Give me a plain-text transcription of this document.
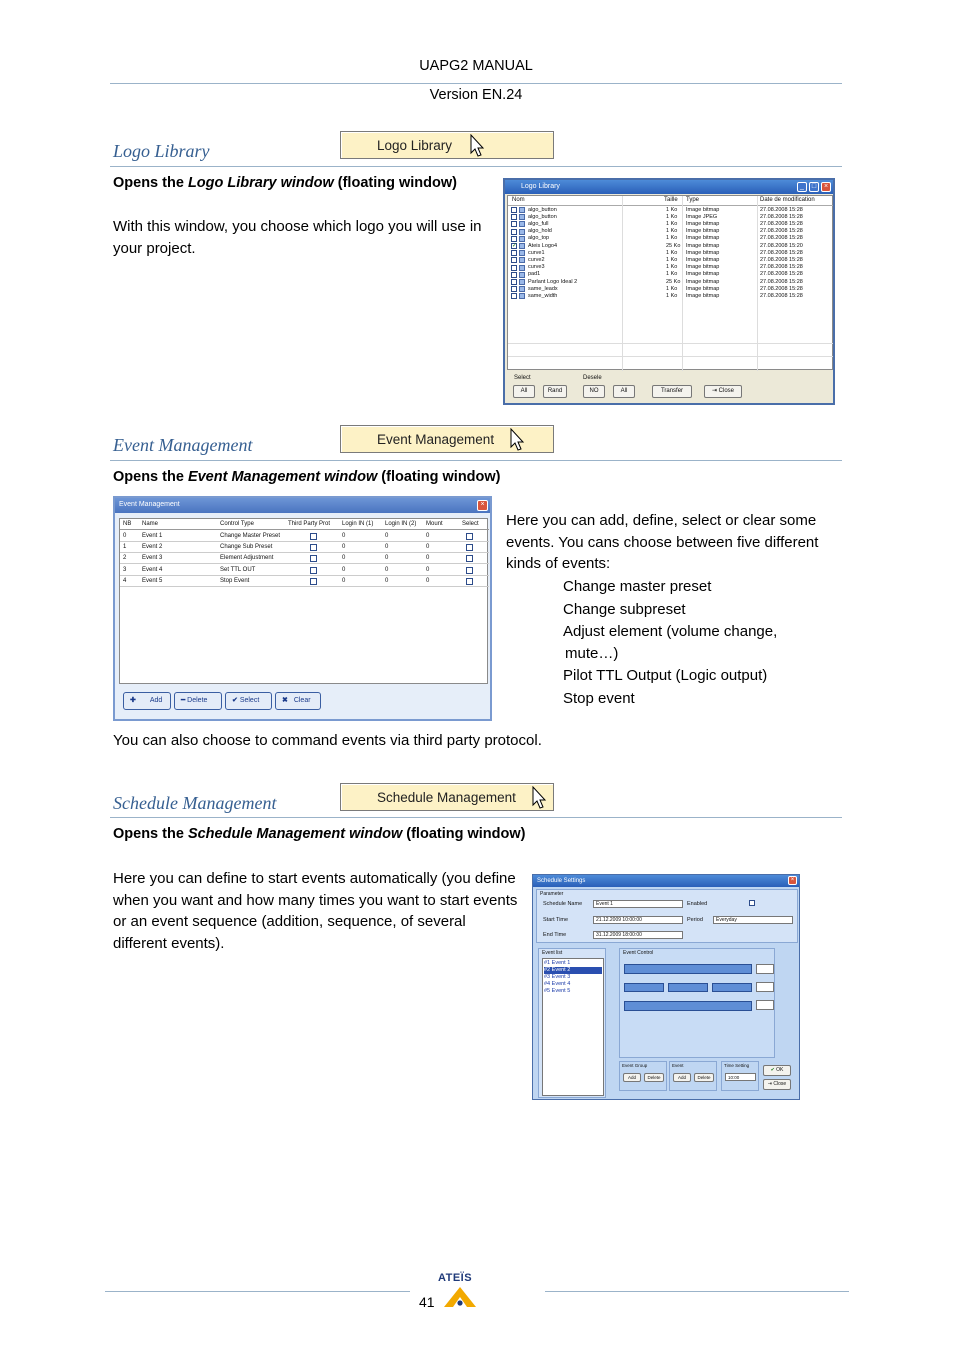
UAPG2 MANUAL
Version EN.24
Logo Library	Logo Library
Opens the Logo Library window (floating window)
With this window, you choose which logo you will use in your project.
Logo Library	_	□	×
Nom	Taille Type	Date de modification
algo_button	1 Ko Image bitmap	27.08.2008 15:28
algo_button	1 Ko Image JPEG	27.08.2008 15:28
algo_full	1 Ko Image bitmap	27.08.2008 15:28
algo_hold	1 Ko Image bitmap	27.08.2008 15:28
algo_top	1 Ko Image bitmap	27.08.2008 15:28
✓ Ateis Logo4	25 Ko Image bitmap	27.08.2008 15:20
curve1	1 Ko Image bitmap	27.08.2008 15:28
curve2	1 Ko Image bitmap	27.08.2008 15:28
curve3	1 Ko Image bitmap	27.08.2008 15:28
pad1	1 Ko Image bitmap	27.08.2008 15:28
Parlant Logo Ideal 2	25 Ko Image bitmap	27.08.2008 15:28
same_leadx	1 Ko Image bitmap	27.08.2008 15:28
same_width	1 Ko Image bitmap	27.08.2008 15:28
Select	Desele
All	Rand	NO	All	Transfer	⇥ Close
Event Management	Event Management
Opens the Event Management window (floating window)
Event Management	×
NB Name	Control Type	Third Party Prot Login IN (1) Login IN (2) Mount	Select
0	Event 1	Change Master Preset	0	0	0
1	Event 2	Change Sub Preset	0	0	0
2	Event 3	Element Adjustment	0	0	0
3	Event 4	Set TTL OUT	0	0	0
4	Event 5	Stop Event	0	0	0
✚ Add	━ Delete	✔ Select	✖ Clear
Here you can add, define, select or clear some events. You cans choose between five different kinds of events:
Change master preset
Change subpreset
Adjust element (volume change,
mute…)
Pilot TTL Output (Logic output)
Stop event
You can also choose to command events via third party protocol.
Schedule Management	Schedule Management
Opens the Schedule Management window (floating window)
Here you can define to start events automatically (you define when you want and how many times you want to start events or an event sequence (addition, sequence, of several different events).
Schedule Settings	×
Parameter
Schedule Name	Event 1	Enabled
Start Time	21.12.2009 10:00:00	Period	Everyday
End Time	31.12.2009 18:00:00
Event list
#1 Event 1
#2 Event 2
#3 Event 3
#4 Event 4
#5 Event 5
Event Control
Event Group
Add	Delete
Event
Add	Delete
Time Setting
10:00
✔ OK
⇥ Close
ATEÏS
41
